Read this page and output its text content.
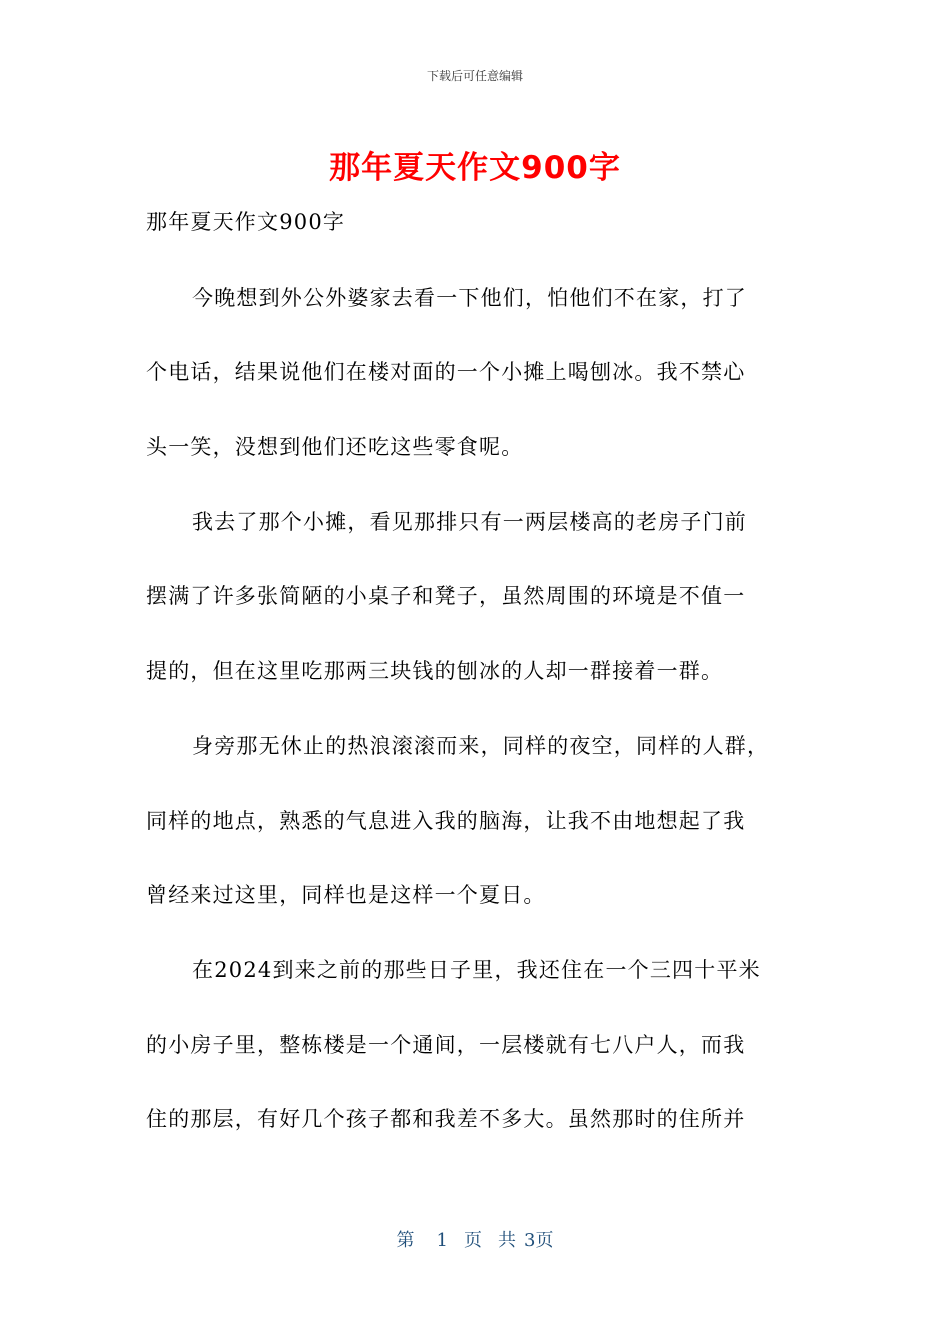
下载后可任意编辑
那年夏天作文900字
那年夏天作文900字
今晚想到外公外婆家去看一下他们，怕他们不在家，打了
个电话，结果说他们在楼对面的一个小摊上喝刨冰。我不禁心
头一笑，没想到他们还吃这些零食呢。
我去了那个小摊，看见那排只有一两层楼高的老房子门前
摆满了许多张简陋的小桌子和凳子，虽然周围的环境是不值一
提的，但在这里吃那两三块钱的刨冰的人却一群接着一群。
身旁那无休止的热浪滚滚而来，同样的夜空，同样的人群，
同样的地点，熟悉的气息进入我的脑海，让我不由地想起了我
曾经来过这里，同样也是这样一个夏日。
在2024到来之前的那些日子里，我还住在一个三四十平米
的小房子里，整栋楼是一个通间，一层楼就有七八户人，而我
住的那层，有好几个孩子都和我差不多大。虽然那时的住所并
第 1 页 共 3页
